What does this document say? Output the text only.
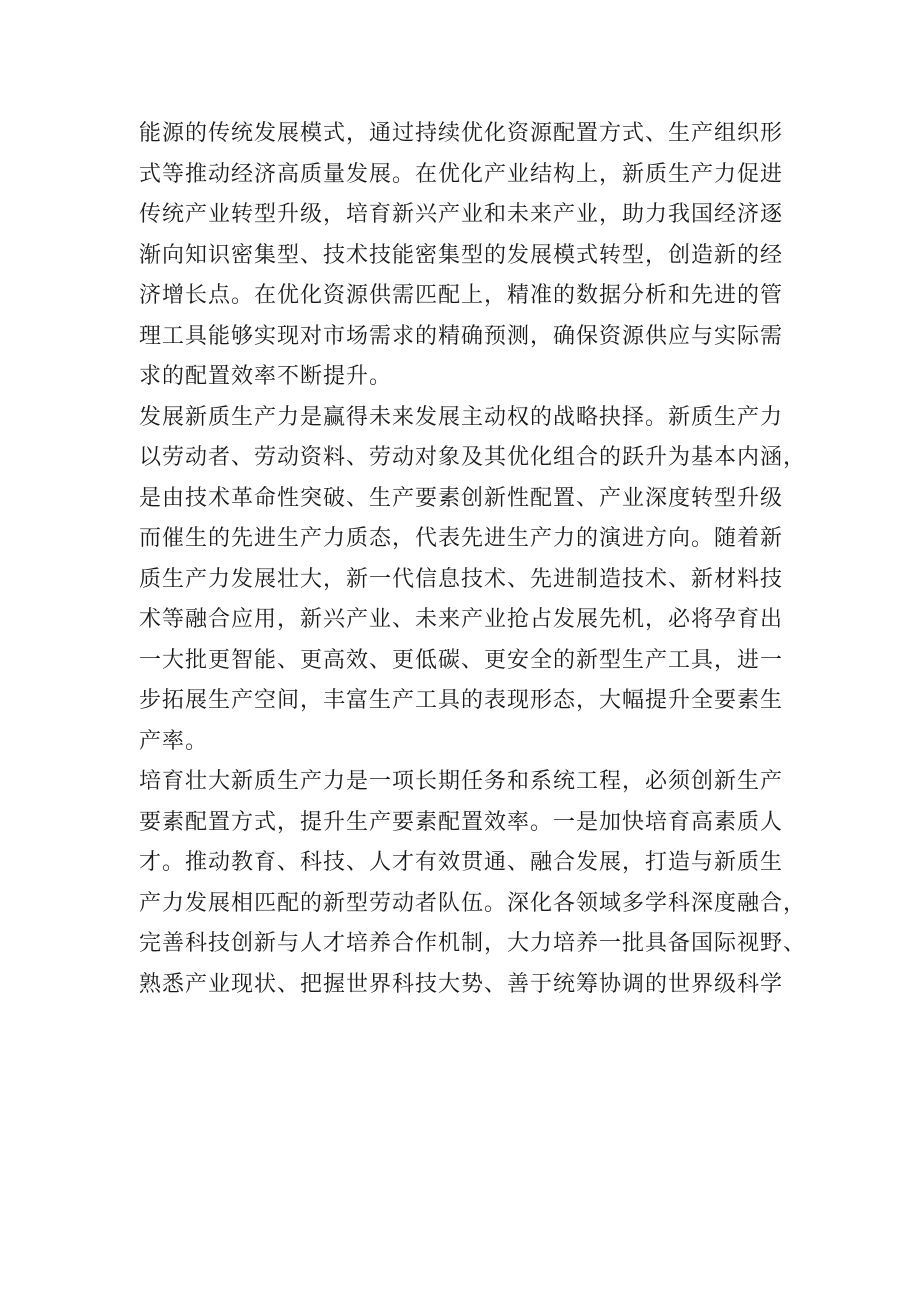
能源的传统发展模式，通过持续优化资源配置方式、生产组织形
式等推动经济高质量发展。在优化产业结构上，新质生产力促进
传统产业转型升级，培育新兴产业和未来产业，助力我国经济逐
渐向知识密集型、技术技能密集型的发展模式转型，创造新的经
济增长点。在优化资源供需匹配上，精准的数据分析和先进的管
理工具能够实现对市场需求的精确预测，确保资源供应与实际需
求的配置效率不断提升。
发展新质生产力是赢得未来发展主动权的战略抉择。新质生产力
以劳动者、劳动资料、劳动对象及其优化组合的跃升为基本内涵，
是由技术革命性突破、生产要素创新性配置、产业深度转型升级
而催生的先进生产力质态，代表先进生产力的演进方向。随着新
质生产力发展壮大，新一代信息技术、先进制造技术、新材料技
术等融合应用，新兴产业、未来产业抢占发展先机，必将孕育出
一大批更智能、更高效、更低碳、更安全的新型生产工具，进一
步拓展生产空间，丰富生产工具的表现形态，大幅提升全要素生
产率。
培育壮大新质生产力是一项长期任务和系统工程，必须创新生产
要素配置方式，提升生产要素配置效率。一是加快培育高素质人
才。推动教育、科技、人才有效贯通、融合发展，打造与新质生
产力发展相匹配的新型劳动者队伍。深化各领域多学科深度融合，
完善科技创新与人才培养合作机制，大力培养一批具备国际视野、
熟悉产业现状、把握世界科技大势、善于统筹协调的世界级科学
